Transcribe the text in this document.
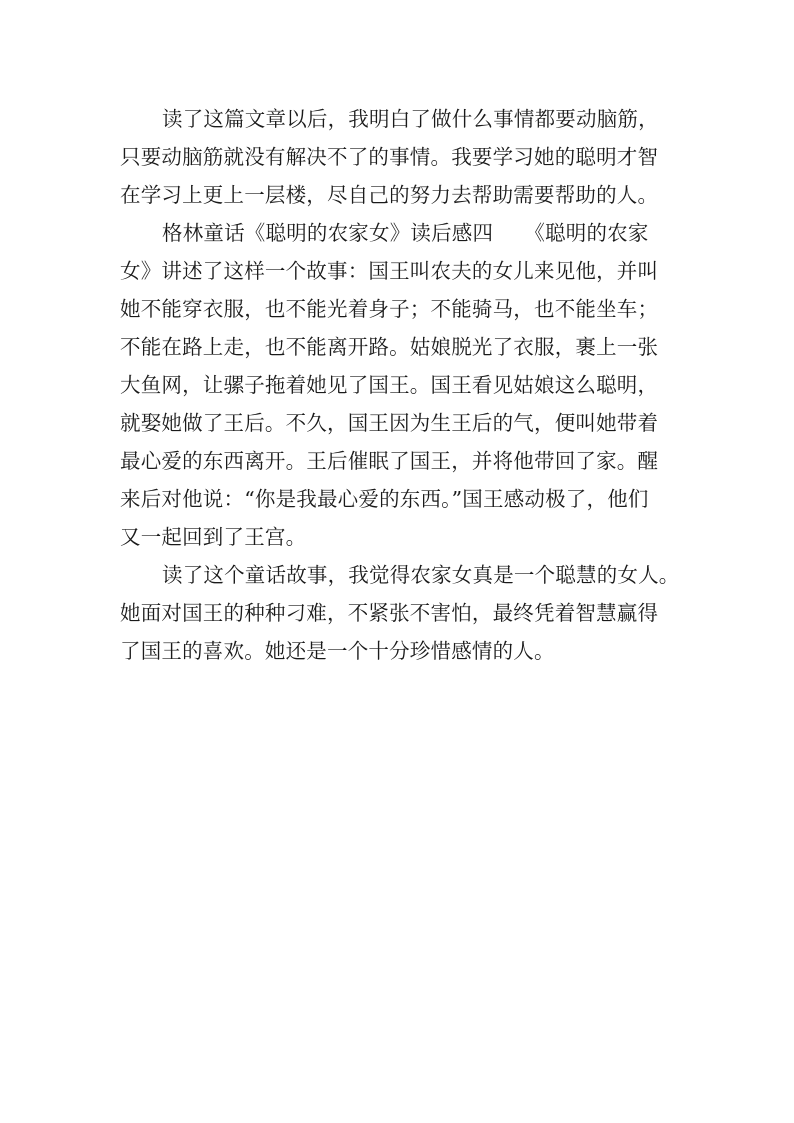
读了这篇文章以后，我明白了做什么事情都要动脑筋，
只要动脑筋就没有解决不了的事情。我要学习她的聪明才智
在学习上更上一层楼，尽自己的努力去帮助需要帮助的人。
格林童话《聪明的农家女》读后感四　　《聪明的农家
女》讲述了这样一个故事：国王叫农夫的女儿来见他，并叫
她不能穿衣服，也不能光着身子；不能骑马，也不能坐车；
不能在路上走，也不能离开路。姑娘脱光了衣服，裹上一张
大鱼网，让骡子拖着她见了国王。国王看见姑娘这么聪明，
就娶她做了王后。不久，国王因为生王后的气，便叫她带着
最心爱的东西离开。王后催眠了国王，并将他带回了家。醒
来后对他说：“你是我最心爱的东西。”国王感动极了，他们
又一起回到了王宫。
读了这个童话故事，我觉得农家女真是一个聪慧的女人。
她面对国王的种种刁难，不紧张不害怕，最终凭着智慧赢得
了国王的喜欢。她还是一个十分珍惜感情的人。
